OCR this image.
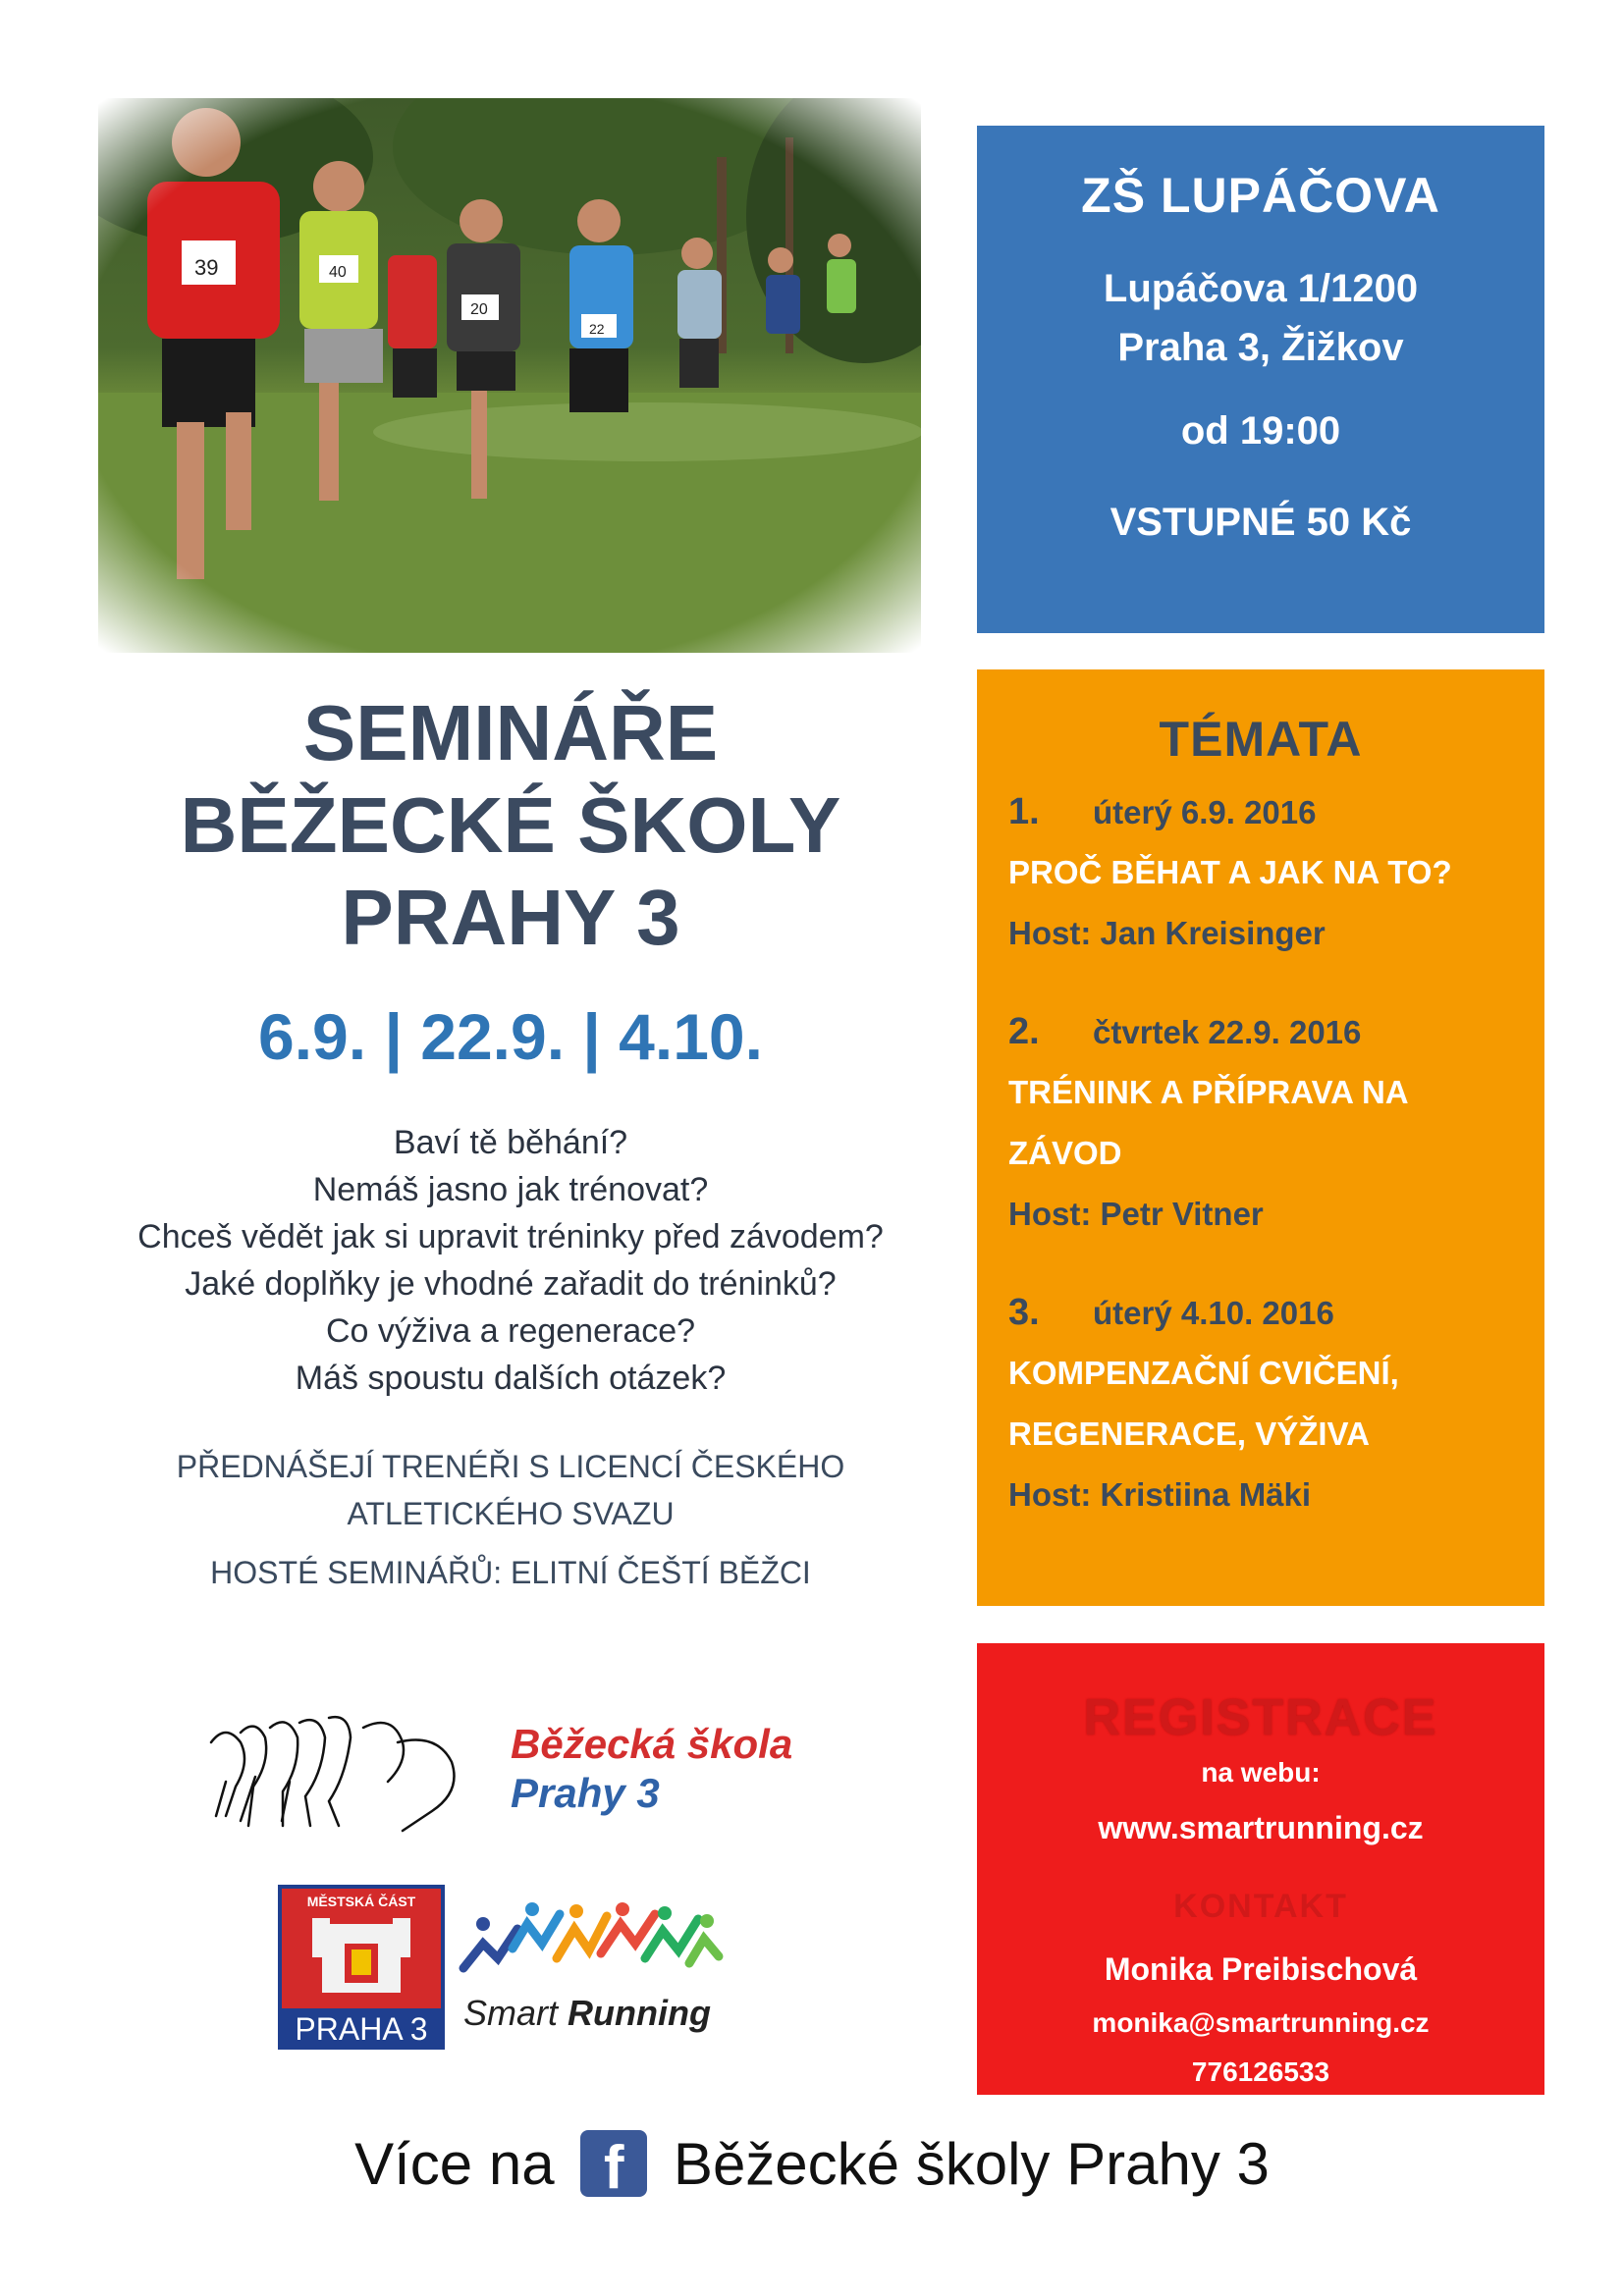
ZŠ LUPÁČOVA
Lupáčova 1/1200
Praha 3, Žižkov
od 19:00
VSTUPNÉ 50 Kč
SEMINÁŘE
BĚŽECKÉ ŠKOLY
PRAHY 3
6.9. | 22.9. | 4.10.
Baví tě běhání?
Nemáš jasno jak trénovat?
Chceš vědět jak si upravit tréninky před závodem?
Jaké doplňky je vhodné zařadit do tréninků?
Co výživa a regenerace?
Máš spoustu dalších otázek?
PŘEDNÁŠEJÍ TRENÉŘI S LICENCÍ ČESKÉHO
ATLETICKÉHO SVAZU
HOSTÉ SEMINÁŘŮ: ELITNÍ ČEŠTÍ BĚŽCI
TÉMATA
1.	úterý 6.9. 2016
PROČ BĚHAT A JAK NA TO?
Host: Jan Kreisinger
2.	čtvrtek 22.9. 2016
TRÉNINK A PŘÍPRAVA NA
ZÁVOD
Host: Petr Vitner
3.	úterý 4.10. 2016
KOMPENZAČNÍ CVIČENÍ,
REGENERACE, VÝŽIVA
Host: Kristiina Mäki
REGISTRACE
na webu:
www.smartrunning.cz
KONTAKT
Monika Preibischová
monika@smartrunning.cz
776126533
Běžecká škola
Prahy 3
MĚSTSKÁ ČÁST
PRAHA 3 Smart Running
Více na f Běžecké školy Prahy 3
